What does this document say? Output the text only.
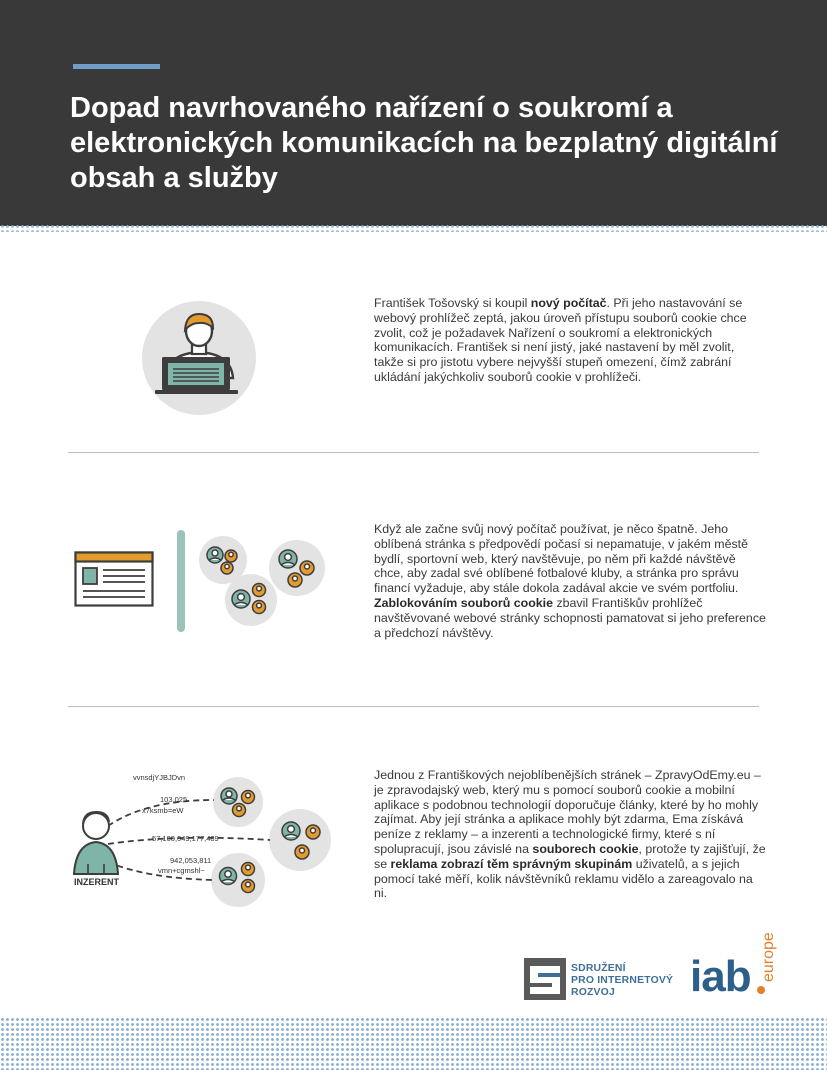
Dopad navrhovaného nařízení o soukromí a elektronických komunikacích na bezplatný digitální obsah a služby

František Tošovský si koupil nový počítač. Při jeho nastavování se webový prohlížeč zeptá, jakou úroveň přístupu souborů cookie chce zvolit, což je požadavek Nařízení o soukromí a elektronických komunikacích. František si není jistý, jaké nastavení by měl zvolit, takže si pro jistotu vybere nejvyšší stupeň omezení, čímž zabrání ukládání jakýchkoliv souborů cookie v prohlížeči.

Když ale začne svůj nový počítač používat, je něco špatně. Jeho oblíbená stránka s předpovědí počasí si nepamatuje, v jakém městě bydlí, sportovní web, který navštěvuje, po něm při každé návštěvě chce, aby zadal své oblíbené fotbalové kluby, a stránka pro správu financí vyžaduje, aby stále dokola zadával akcie ve svém portfoliu. Zablokováním souborů cookie zbavil Františkův prohlížeč navštěvované webové stránky schopnosti pamatovat si jeho preference a předchozí návštěvy.

vvnsdjYJBJDvn
103,025
x7ksmb=eW
57,100,049,177,489
942,053,811
vmn+cgmshl~
INZERENT

Jednou z Františkových nejoblíbenějších stránek – ZpravyOdEmy.eu – je zpravodajský web, který mu s pomocí souborů cookie a mobilní aplikace s podobnou technologií doporučuje články, které by ho mohly zajímat. Aby její stránka a aplikace mohly být zdarma, Ema získává peníze z reklamy – a inzerenti a technologické firmy, které s ní spolupracují, jsou závislé na souborech cookie, protože ty zajišťují, že se reklama zobrazí těm správným skupinám uživatelů, a s jejich pomocí také měří, kolik návštěvníků reklamu vidělo a zareagovalo na ni.

SDRUŽENÍ
PRO INTERNETOVÝ
ROZVOJ	iab europe
